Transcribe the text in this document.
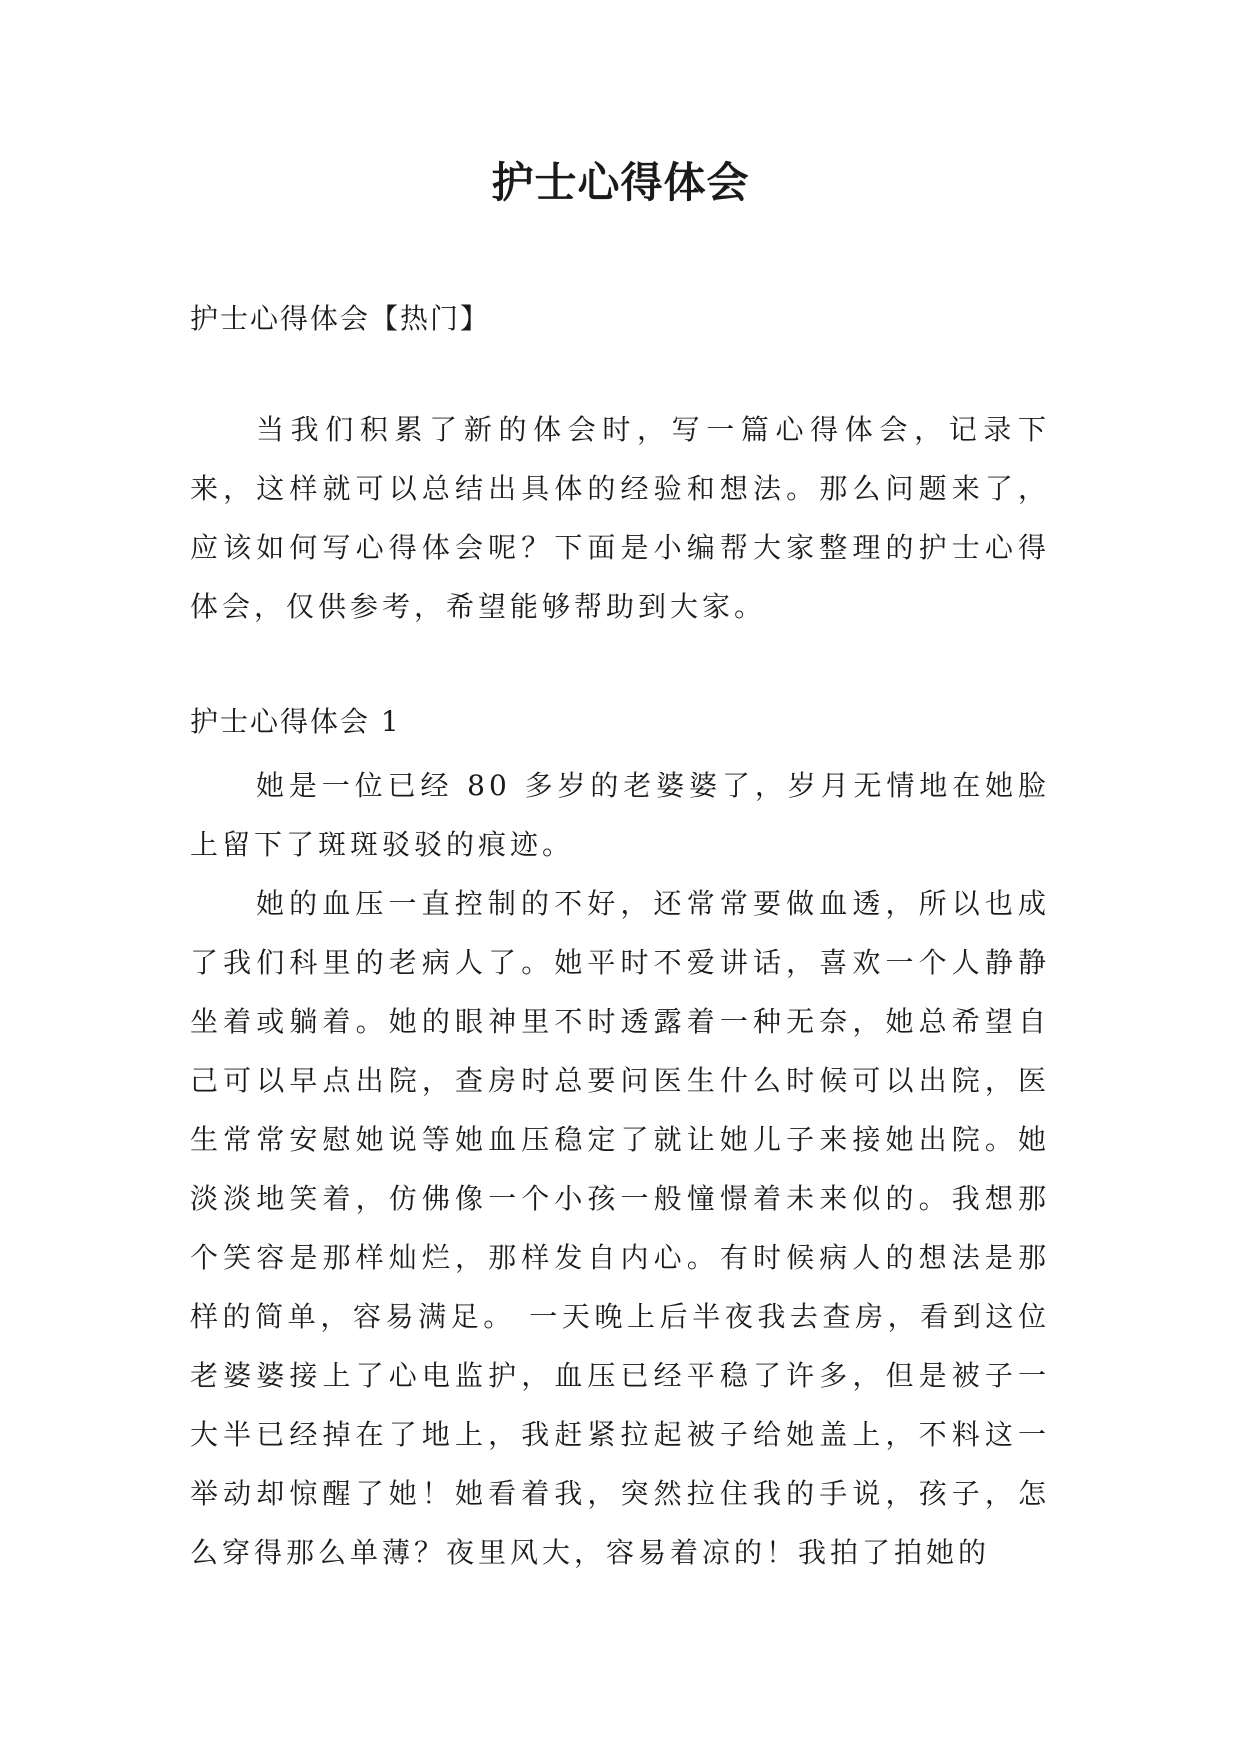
护士心得体会
护士心得体会【热门】

当我们积累了新的体会时，写一篇心得体会，记录下来，这样就可以总结出具体的经验和想法。那么问题来了，应该如何写心得体会呢？下面是小编帮大家整理的护士心得体会，仅供参考，希望能够帮助到大家。

护士心得体会 1

她是一位已经 80 多岁的老婆婆了，岁月无情地在她脸上留下了斑斑驳驳的痕迹。

她的血压一直控制的不好，还常常要做血透，所以也成了我们科里的老病人了。她平时不爱讲话，喜欢一个人静静坐着或躺着。她的眼神里不时透露着一种无奈，她总希望自己可以早点出院，查房时总要问医生什么时候可以出院，医生常常安慰她说等她血压稳定了就让她儿子来接她出院。她淡淡地笑着，仿佛像一个小孩一般憧憬着未来似的。我想那个笑容是那样灿烂，那样发自内心。有时候病人的想法是那样的简单，容易满足。 一天晚上后半夜我去查房，看到这位老婆婆接上了心电监护，血压已经平稳了许多，但是被子一大半已经掉在了地上，我赶紧拉起被子给她盖上，不料这一举动却惊醒了她！她看着我，突然拉住我的手说，孩子，怎么穿得那么单薄？夜里风大，容易着凉的！我拍了拍她的
